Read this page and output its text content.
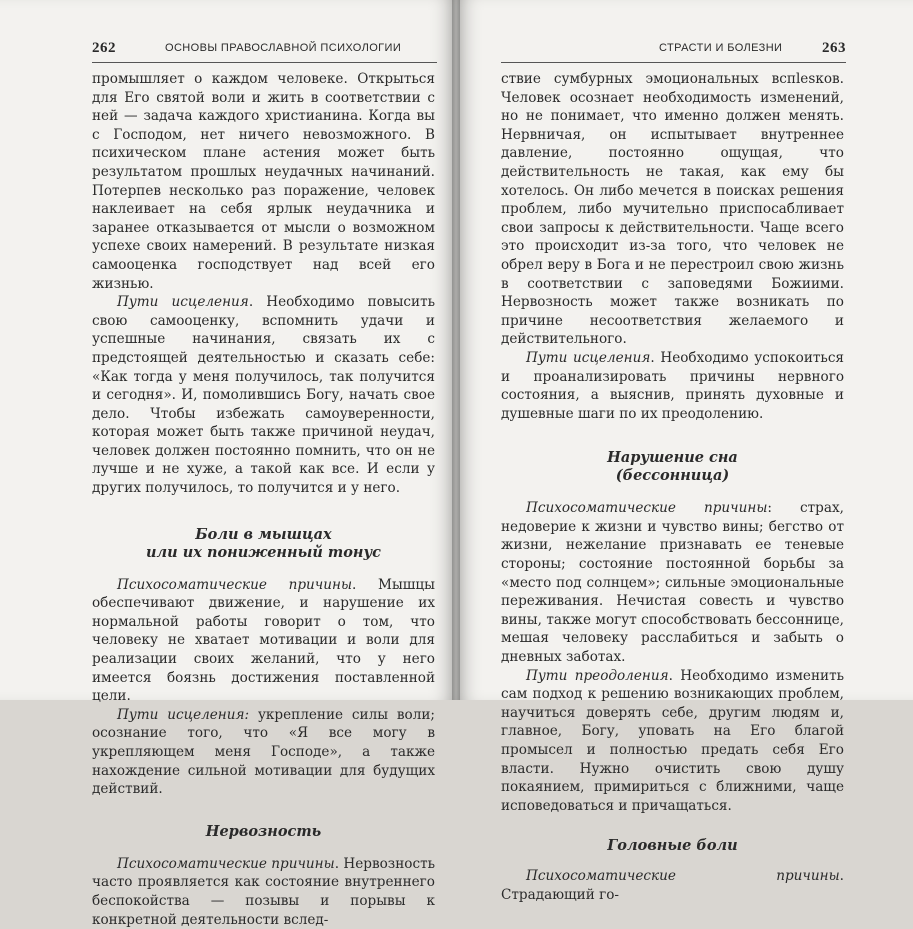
262	ОСНОВЫ ПРАВОСЛАВНОЙ ПСИХОЛОГИИ

промышляет о каждом человеке. Открыться для Его святой воли и жить в соответствии с ней — задача каждого христианина. Когда вы с Господом, нет ничего невозможного. В психическом плане астения может быть результатом прошлых неудачных начинаний. Потерпев несколько раз поражение, человек наклеивает на себя ярлык неудачника и заранее отказывается от мысли о возможном успехе своих намерений. В результате низкая самооценка господствует над всей его жизнью.

Пути исцеления. Необходимо повысить свою самооценку, вспомнить удачи и успешные начинания, связать их с предстоящей деятельностью и сказать себе: «Как тогда у меня получилось, так получится и сегодня». И, помолившись Богу, начать свое дело. Чтобы избежать самоуверенности, которая может быть также причиной неудач, человек должен постоянно помнить, что он не лучше и не хуже, а такой как все. И если у других получилось, то получится и у него.

Боли в мышцах
или их пониженный тонус

Психосоматические причины. Мышцы обеспечивают движение, и нарушение их нормальной работы говорит о том, что человеку не хватает мотивации и воли для реализации своих желаний, что у него имеется боязнь достижения поставленной цели.

Пути исцеления: укрепление силы воли; осознание того, что «Я все могу в укрепляющем меня Господе», а также нахождение сильной мотивации для будущих действий.

Нервозность

Психосоматические причины. Нервозность часто проявляется как состояние внутреннего беспокойства — позывы и порывы к конкретной деятельности вслед-

СТРАСТИ И БОЛЕЗНИ	263

ствие сумбурных эмоциональных вспlesков. Человек осознает необходимость изменений, но не понимает, что именно должен менять. Нервничая, он испытывает внутреннее давление, постоянно ощущая, что действительность не такая, как ему бы хотелось. Он либо мечется в поисках решения проблем, либо мучительно приспосабливает свои запросы к действительности. Чаще всего это происходит из-за того, что человек не обрел веру в Бога и не перестроил свою жизнь в соответствии с заповедями Божиими. Нервозность может также возникать по причине несоответствия желаемого и действительного.

Пути исцеления. Необходимо успокоиться и проанализировать причины нервного состояния, а выяснив, принять духовные и душевные шаги по их преодолению.

Нарушение сна
(бессонница)

Психосоматические причины: страх, недоверие к жизни и чувство вины; бегство от жизни, нежелание признавать ее теневые стороны; состояние постоянной борьбы за «место под солнцем»; сильные эмоциональные переживания. Нечистая совесть и чувство вины, также могут способствовать бессоннице, мешая человеку расслабиться и забыть о дневных заботах.

Пути преодоления. Необходимо изменить сам подход к решению возникающих проблем, научиться доверять себе, другим людям и, главное, Богу, уповать на Его благой промысел и полностью предать себя Его власти. Нужно очистить свою душу покаянием, примириться с ближними, чаще исповедоваться и причащаться.

Головные боли

Психосоматические причины. Страдающий го-
